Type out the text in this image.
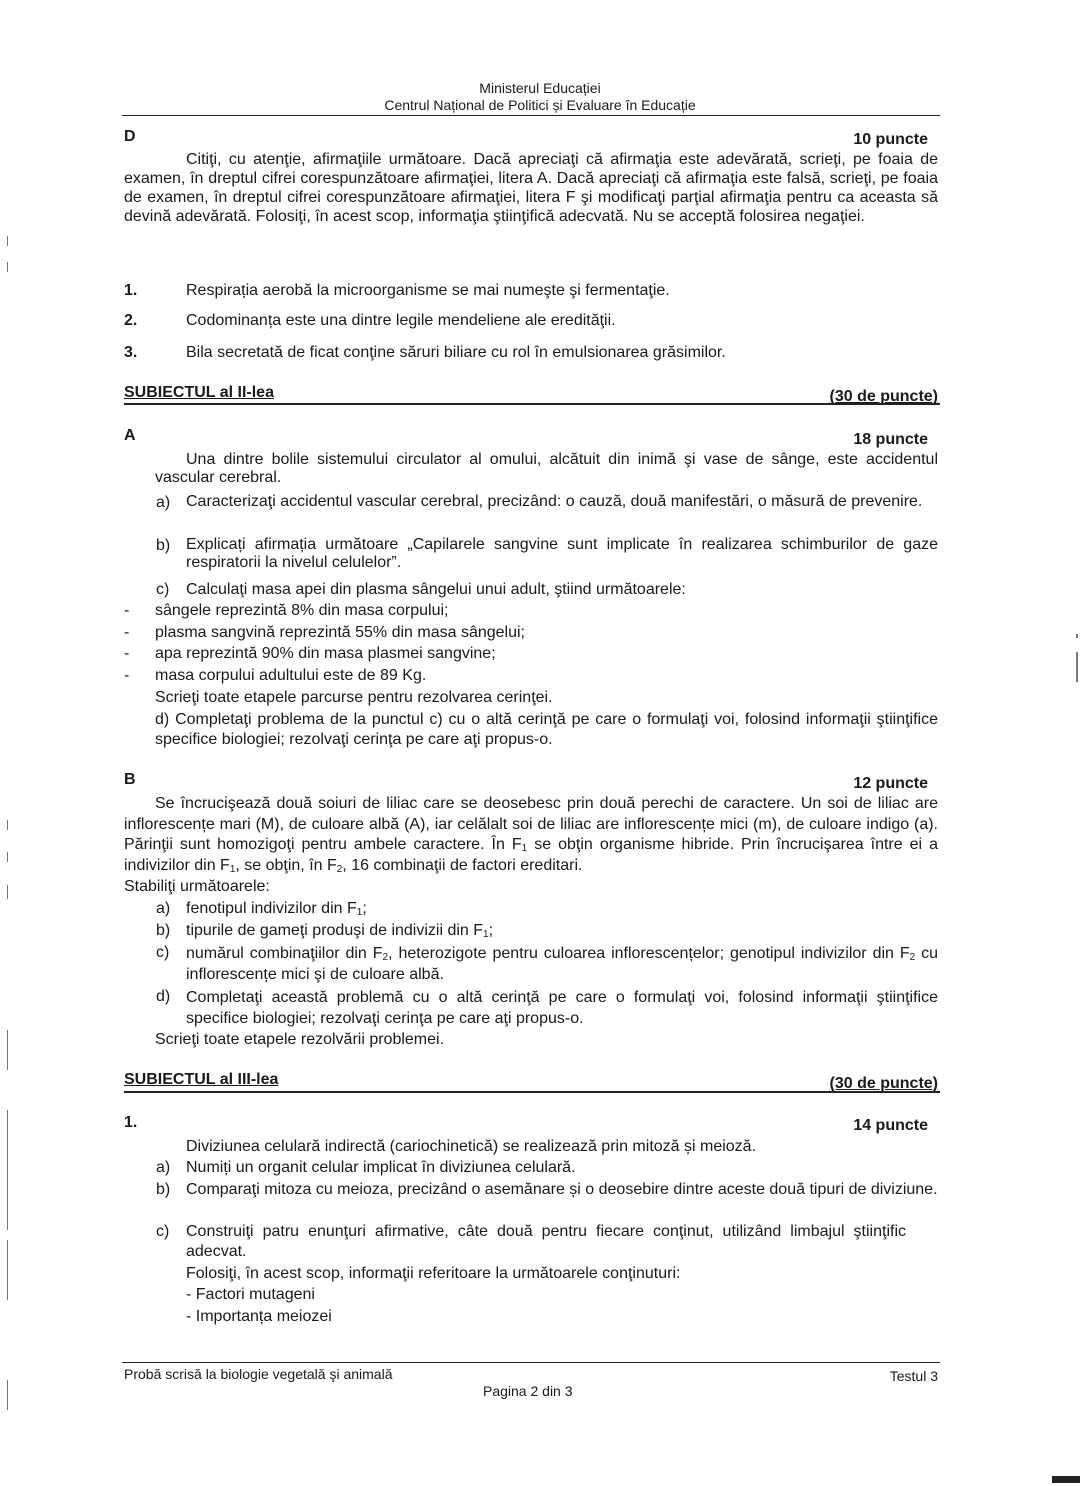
Ministerul Educației
Centrul Național de Politici și Evaluare în Educație
D	10 puncte
Citiţi, cu atenţie, afirmaţiile următoare. Dacă apreciaţi că afirmaţia este adevărată, scrieţi, pe foaia de examen, în dreptul cifrei corespunzătoare afirmaţiei, litera A. Dacă apreciaţi că afirmaţia este falsă, scrieţi, pe foaia de examen, în dreptul cifrei corespunzătoare afirmaţiei, litera F şi modificaţi parţial afirmaţia pentru ca aceasta să devină adevărată. Folosiţi, în acest scop, informaţia ştiinţifică adecvată. Nu se acceptă folosirea negaţiei.
1.	Respirația aerobă la microorganisme se mai numeşte şi fermentaţie.
2.	Codominanța este una dintre legile mendeliene ale eredităţii.
3.	Bila secretată de ficat conţine săruri biliare cu rol în emulsionarea grăsimilor.
SUBIECTUL al II-lea	(30 de puncte)
A	18 puncte
Una dintre bolile sistemului circulator al omului, alcătuit din inimă şi vase de sânge, este accidentul vascular cerebral.
a) Caracterizaţi accidentul vascular cerebral, precizând: o cauză, două manifestări, o măsură de prevenire.
b) Explicați afirmația următoare „Capilarele sangvine sunt implicate în realizarea schimburilor de gaze respiratorii la nivelul celulelor”.
c) Calculaţi masa apei din plasma sângelui unui adult, ştiind următoarele:
- sângele reprezintă 8% din masa corpului;
- plasma sangvină reprezintă 55% din masa sângelui;
- apa reprezintă 90% din masa plasmei sangvine;
- masa corpului adultului este de 89 Kg.
Scrieţi toate etapele parcurse pentru rezolvarea cerinţei.
d) Completaţi problema de la punctul c) cu o altă cerinţă pe care o formulaţi voi, folosind informaţii ştiinţifice specifice biologiei; rezolvaţi cerinţa pe care aţi propus-o.
B	12 puncte
Se încrucişează două soiuri de liliac care se deosebesc prin două perechi de caractere. Un soi de liliac are inflorescențe mari (M), de culoare albă (A), iar celălalt soi de liliac are inflorescențe mici (m), de culoare indigo (a). Părinţii sunt homozigoţi pentru ambele caractere. În $F_1$ se obţin organisme hibride. Prin încrucişarea între ei a indivizilor din $F_1$, se obţin, în $F_2$, 16 combinaţii de factori ereditari.
Stabiliţi următoarele:
a) fenotipul indivizilor din $F_1$;
b) tipurile de gameţi produşi de indivizii din $F_1$;
c) numărul combinaţiilor din $F_2$, heterozigote pentru culoarea inflorescențelor; genotipul indivizilor din $F_2$ cu inflorescențe mici şi de culoare albă.
d) Completaţi această problemă cu o altă cerinţă pe care o formulaţi voi, folosind informaţii ştiinţifice specifice biologiei; rezolvaţi cerinţa pe care aţi propus-o.
Scrieţi toate etapele rezolvării problemei.
SUBIECTUL al III-lea	(30 de puncte)
1.	14 puncte
Diviziunea celulară indirectă (cariochinetică) se realizează prin mitoză și meioză.
a) Numiți un organit celular implicat în diviziunea celulară.
b) Comparaţi mitoza cu meioza, precizând o asemănare și o deosebire dintre aceste două tipuri de diviziune.
c) Construiţi patru enunţuri afirmative, câte două pentru fiecare conţinut, utilizând limbajul ştiinţific adecvat.
Folosiţi, în acest scop, informaţii referitoare la următoarele conţinuturi:
- Factori mutageni
- Importanța meiozei
Probă scrisă la biologie vegetală şi animală	Testul 3
Pagina 2 din 3
